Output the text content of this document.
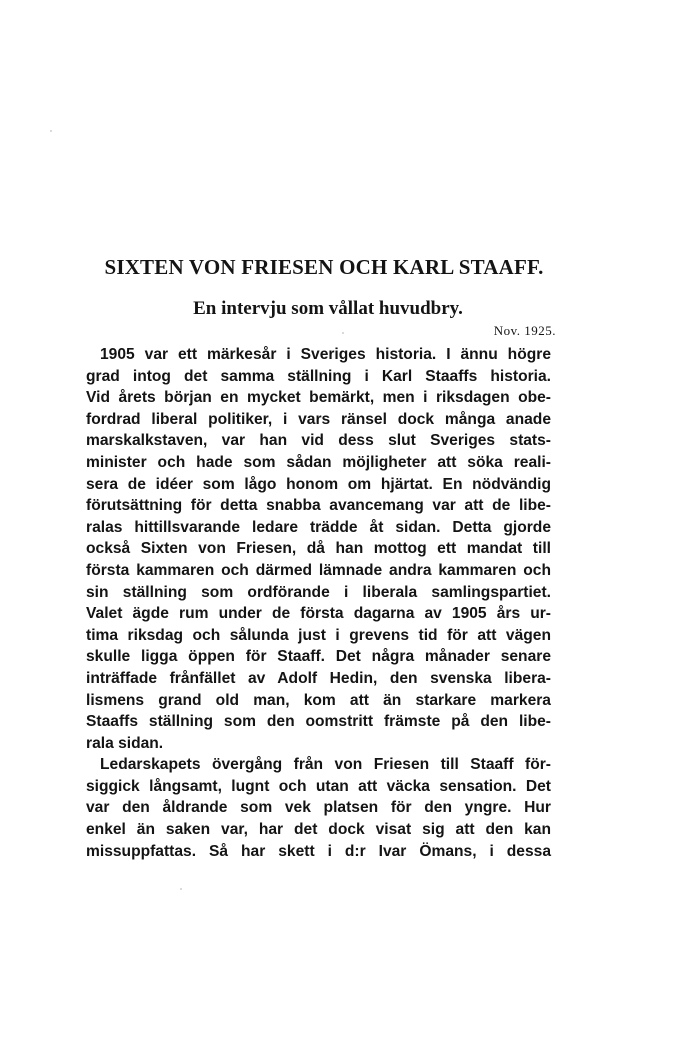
SIXTEN VON FRIESEN OCH KARL STAAFF.
En intervju som vållat huvudbry.
Nov. 1925.
1905 var ett märkesår i Sveriges historia. I ännu högre
grad intog det samma ställning i Karl Staaffs historia.
Vid årets början en mycket bemärkt, men i riksdagen obe-
fordrad liberal politiker, i vars ränsel dock många anade
marskalkstaven, var han vid dess slut Sveriges stats-
minister och hade som sådan möjligheter att söka reali-
sera de idéer som lågo honom om hjärtat. En nödvändig
förutsättning för detta snabba avancemang var att de libe-
ralas hittillsvarande ledare trädde åt sidan. Detta gjorde
också Sixten von Friesen, då han mottog ett mandat till
första kammaren och därmed lämnade andra kammaren och
sin ställning som ordförande i liberala samlingspartiet.
Valet ägde rum under de första dagarna av 1905 års ur-
tima riksdag och sålunda just i grevens tid för att vägen
skulle ligga öppen för Staaff. Det några månader senare
inträffade frånfället av Adolf Hedin, den svenska libera-
lismens grand old man, kom att än starkare markera
Staaffs ställning som den oomstritt främste på den libe-
rala sidan.
Ledarskapets övergång från von Friesen till Staaff för-
siggick långsamt, lugnt och utan att väcka sensation. Det
var den åldrande som vek platsen för den yngre. Hur
enkel än saken var, har det dock visat sig att den kan
missuppfattas. Så har skett i d:r Ivar Ömans, i dessa
